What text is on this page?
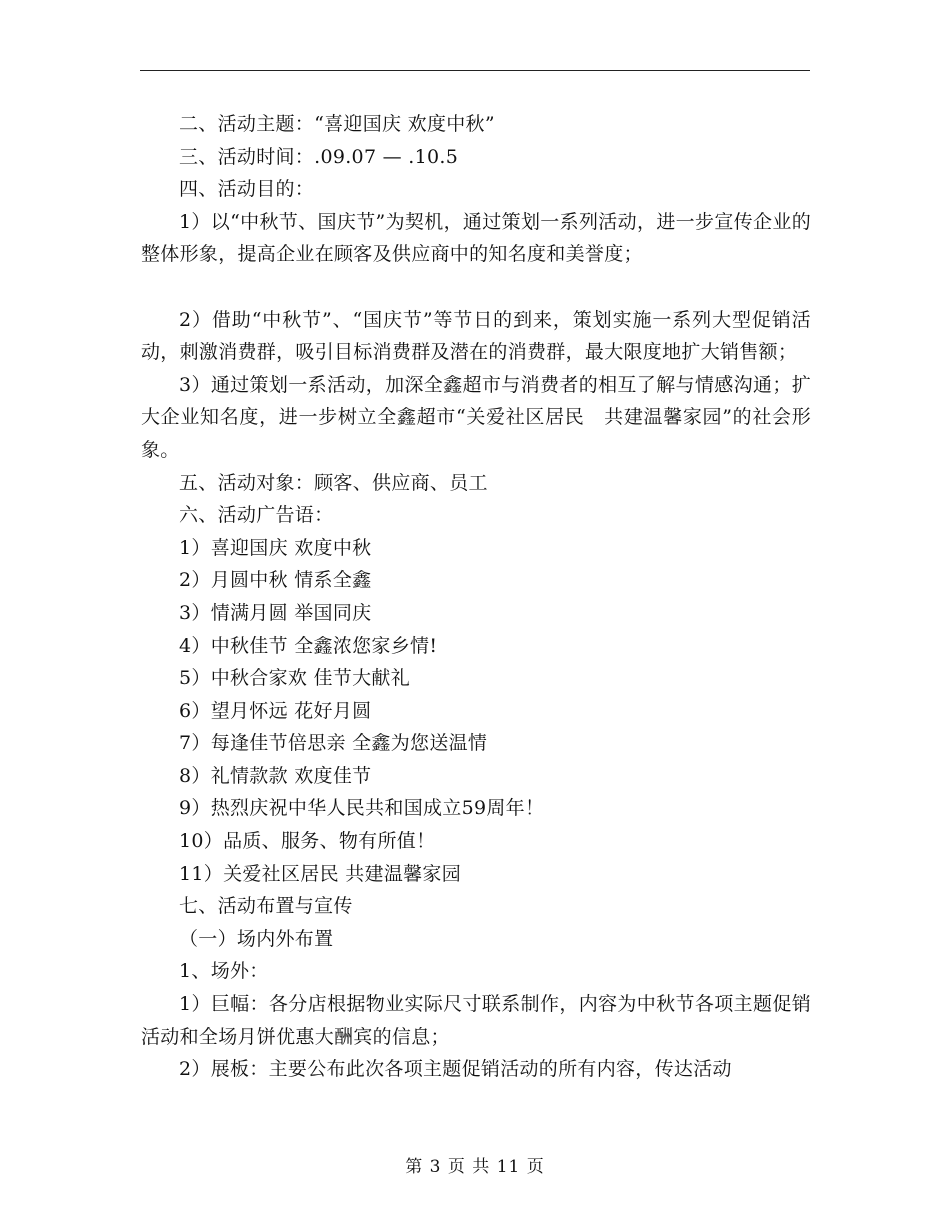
二、活动主题：“喜迎国庆 欢度中秋”

三、活动时间：.09.07 — .10.5

四、活动目的：

1）以“中秋节、国庆节”为契机，通过策划一系列活动，进一步宣传企业的整体形象，提高企业在顾客及供应商中的知名度和美誉度；

2）借助“中秋节”、“国庆节”等节日的到来，策划实施一系列大型促销活动，刺激消费群，吸引目标消费群及潜在的消费群，最大限度地扩大销售额；

3）通过策划一系活动，加深全鑫超市与消费者的相互了解与情感沟通；扩大企业知名度，进一步树立全鑫超市“关爱社区居民　共建温馨家园”的社会形象。

五、活动对象：顾客、供应商、员工

六、活动广告语：

1）喜迎国庆 欢度中秋

2）月圆中秋 情系全鑫

3）情满月圆 举国同庆

4）中秋佳节 全鑫浓您家乡情!

5）中秋合家欢 佳节大献礼

6）望月怀远 花好月圆

7）每逢佳节倍思亲 全鑫为您送温情

8）礼情款款 欢度佳节

9）热烈庆祝中华人民共和国成立59周年！

10）品质、服务、物有所值！

11）关爱社区居民 共建温馨家园

七、活动布置与宣传

（一）场内外布置

1、场外：

1）巨幅：各分店根据物业实际尺寸联系制作，内容为中秋节各项主题促销活动和全场月饼优惠大酬宾的信息；

2）展板：主要公布此次各项主题促销活动的所有内容，传达活动

第 3 页 共 11 页
